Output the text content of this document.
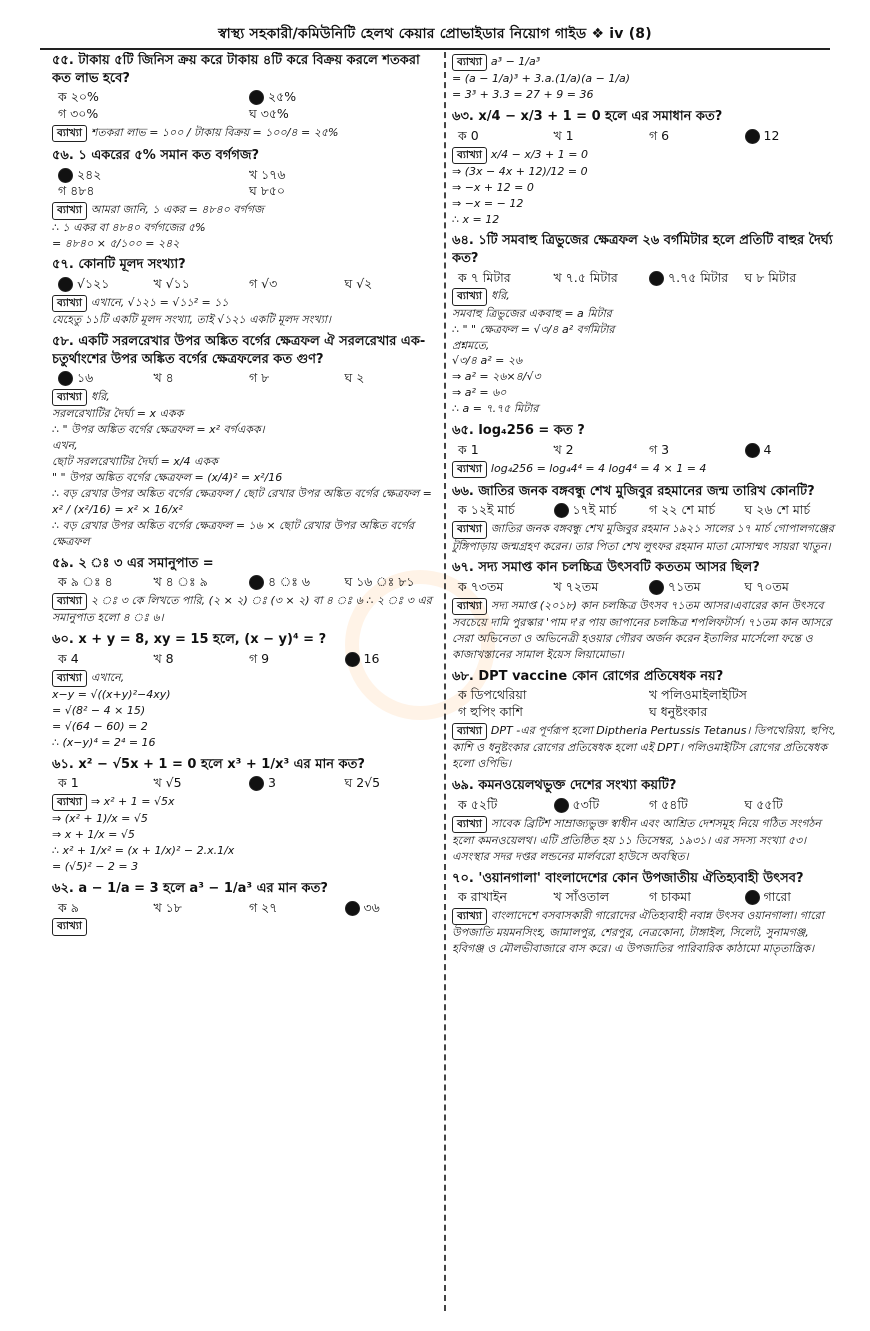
স্বাস্থ্য সহকারী/কমিউনিটি হেলথ কেয়ার প্রোভাইডার নিয়োগ গাইড ❖ iv (8)
৫৫. টাকায় ৫টি জিনিস ক্রয় করে টাকায় ৪টি করে বিক্রয় করলে শতকরা কত লাভ হবে?
ক ২০%	২৫%
গ ৩০%	ঘ ৩৫%
ব্যাখ্যা শতকরা লাভ = ১০০ / টাকায় বিক্রয় = ১০০/৪ = ২৫%
৫৬. ১ একরের ৫% সমান কত বর্গগজ?
২৪২	খ ১৭৬
গ ৪৮৪	ঘ ৮৫০
ব্যাখ্যা আমরা জানি, ১ একর = ৪৮৪০ বর্গগজ
∴ ১ একর বা ৪৮৪০ বর্গগজের ৫%
= ৪৮৪০ × ৫/১০০ = ২৪২
৫৭. কোনটি মূলদ সংখ্যা?
√১২১	খ √১১	গ √৩	ঘ √২
ব্যাখ্যা এখানে, √১২১ = √১১² = ১১
যেহেতু ১১টি একটি মূলদ সংখ্যা, তাই √১২১ একটি মূলদ সংখ্যা।
৫৮. একটি সরলরেখার উপর অঙ্কিত বর্গের ক্ষেত্রফল ঐ সরলরেখার এক-চতুর্থাংশের উপর অঙ্কিত বর্গের ক্ষেত্রফলের কত গুণ?
১৬	খ ৪	গ ৮	ঘ ২
ব্যাখ্যা ধরি,
সরলরেখাটির দৈর্ঘ্য = x একক
∴ " উপর অঙ্কিত বর্গের ক্ষেত্রফল = x² বর্গএকক।
এখন,
ছোট সরলরেখাটির দৈর্ঘ্য = x/4 একক
" " উপর অঙ্কিত বর্গের ক্ষেত্রফল = (x/4)² = x²/16
∴ বড় রেখার উপর অঙ্কিত বর্গের ক্ষেত্রফল / ছোট রেখার উপর অঙ্কিত বর্গের ক্ষেত্রফল = x² / (x²/16) = x² × 16/x²
∴ বড় রেখার উপর অঙ্কিত বর্গের ক্ষেত্রফল = ১৬ × ছোট রেখার উপর অঙ্কিত বর্গের ক্ষেত্রফল
৫৯. ২ ঃ ৩ এর সমানুপাত =
ক ৯ ঃ ৪	খ ৪ ঃ ৯	৪ ঃ ৬	ঘ ১৬ ঃ ৮১
ব্যাখ্যা ২ ঃ ৩ কে লিখতে পারি, (২ × ২) ঃ (৩ × ২) বা ৪ ঃ ৬ ∴ ২ ঃ ৩ এর সমানুপাত হলো ৪ ঃ ৬।
৬০. x + y = 8, xy = 15 হলে, (x − y)⁴ = ?
ক 4	খ 8	গ 9	16
ব্যাখ্যা এখানে,
x−y = √((x+y)²−4xy)
= √(8² − 4 × 15)
= √(64 − 60) = 2
∴ (x−y)⁴ = 2⁴ = 16
৬১. x² − √5x + 1 = 0 হলে x³ + 1/x³ এর মান কত?
ক 1	খ √5	3	ঘ 2√5
ব্যাখ্যা ⇒ x² + 1 = √5x
⇒ (x² + 1)/x = √5
⇒ x + 1/x = √5
∴ x² + 1/x² = (x + 1/x)² − 2.x.1/x
= (√5)² − 2 = 3
৬২. a − 1/a = 3 হলে a³ − 1/a³ এর মান কত?
ক ৯	খ ১৮	গ ২৭	৩৬
ব্যাখ্যা
ব্যাখ্যা a³ − 1/a³
= (a − 1/a)³ + 3.a.(1/a)(a − 1/a)
= 3³ + 3.3 = 27 + 9 = 36
৬৩. x/4 − x/3 + 1 = 0 হলে এর সমাধান কত?
ক 0	খ 1	গ 6	12
ব্যাখ্যা x/4 − x/3 + 1 = 0
⇒ (3x − 4x + 12)/12 = 0
⇒ −x + 12 = 0
⇒ −x = − 12
∴ x = 12
৬৪. ১টি সমবাহু ত্রিভুজের ক্ষেত্রফল ২৬ বর্গমিটার হলে প্রতিটি বাহুর দৈর্ঘ্য কত?
ক ৭ মিটার	খ ৭.৫ মিটার	৭.৭৫ মিটার	ঘ ৮ মিটার
ব্যাখ্যা ধরি,
সমবাহু ত্রিভুজের একবাহু = a মিটার
∴ " " ক্ষেত্রফল = √৩/৪ a² বর্গমিটার
প্রশ্নমতে,
√৩/৪ a² = ২৬
⇒ a² = ২৬×৪/√৩
⇒ a² = ৬০
∴ a = ৭.৭৫ মিটার
৬৫. log₄256 = কত ?
ক 1	খ 2	গ 3	4
ব্যাখ্যা log₄256 = log₄4⁴ = 4 log4⁴ = 4 × 1 = 4
৬৬. জাতির জনক বঙ্গবন্ধু শেখ মুজিবুর রহমানের জন্ম তারিখ কোনটি?
ক ১২ই মার্চ	১৭ই মার্চ	গ ২২ শে মার্চ	ঘ ২৬ শে মার্চ
ব্যাখ্যা জাতির জনক বঙ্গবন্ধু শেখ মুজিবুর রহমান ১৯২১ সালের ১৭ মার্চ গোপালগঞ্জের টুঙ্গিপাড়ায় জন্মগ্রহণ করেন। তার পিতা শেখ লুৎফর রহমান মাতা মোসাম্মৎ সায়রা খাতুন।
৬৭. সদ্য সমাপ্ত কান চলচ্চিত্র উৎসবটি কততম আসর ছিল?
ক ৭৩তম	খ ৭২তম	৭১তম	ঘ ৭০তম
ব্যাখ্যা সদ্য সমাপ্ত (২০১৮) কান চলচ্চিত্র উৎসব ৭১তম আসর।এবারের কান উৎসবে সবচেয়ে দামি পুরস্কার 'পাম দ'র পায় জাপানের চলচ্চিত্র শপলিফটার্স। ৭১তম কান আসরে সেরা অভিনেতা ও অভিনেত্রী হওয়ার গৌরব অর্জন করেন ইতালির মার্সেলো ফন্তে ও কাজাখস্তানের সামাল ইয়েস লিয়ামোভা।
৬৮. DPT vaccine কোন রোগের প্রতিষেধক নয়?
ক ডিপথেরিয়া	খ পলিওমাইলাইটিস
গ হুপিং কাশি	ঘ ধনুষ্টংকার
ব্যাখ্যা DPT -এর পূর্ণরূপ হলো Diptheria Pertussis Tetanus। ডিপথেরিয়া, হুপিং, কাশি ও ধনুষ্টংকার রোগের প্রতিষেধক হলো এই DPT। পলিওমাইটিস রোগের প্রতিষেধক হলো ওপিভি।
৬৯. কমনওয়েলথভুক্ত দেশের সংখ্যা কয়টি?
ক ৫২টি	৫৩টি	গ ৫৪টি	ঘ ৫৫টি
ব্যাখ্যা সাবেক ব্রিটিশ সাম্রাজ্যভুক্ত স্বাধীন এবং আশ্রিত দেশসমূহ নিয়ে গঠিত সংগঠন হলো কমনওয়েলথ। এটি প্রতিষ্ঠিত হয় ১১ ডিসেম্বর, ১৯৩১। এর সদস্য সংখ্যা ৫৩। এসংস্থার সদর দপ্তর লন্ডনের মার্লবরো হাউসে অবস্থিত।
৭০. 'ওয়ানগালা' বাংলাদেশের কোন উপজাতীয় ঐতিহ্যবাহী উৎসব?
ক রাখাইন	খ সাঁওতাল	গ চাকমা	গারো
ব্যাখ্যা বাংলাদেশে বসবাসকারী গারোদের ঐতিহ্যবাহী নবান্ন উৎসব ওয়ানগালা। গারো উপজাতি ময়মনসিংহ, জামালপুর, শেরপুর, নেত্রকোনা, টাঙ্গাইল, সিলেট, সুনামগঞ্জ, হবিগঞ্জ ও মৌলভীবাজারে বাস করে। এ উপজাতির পারিবারিক কাঠামো মাতৃতান্ত্রিক।
